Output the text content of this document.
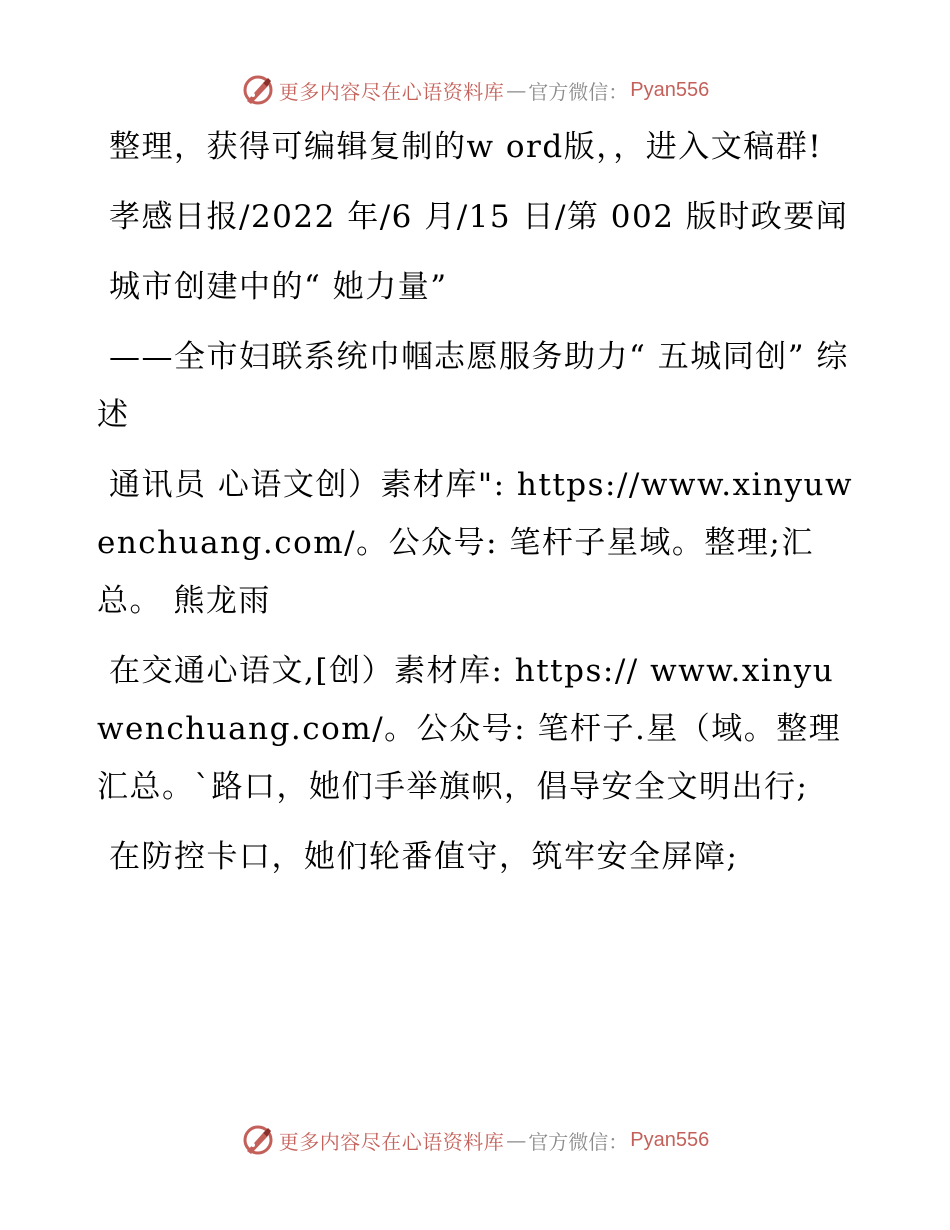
更多内容尽在心语资料库 — 官方微信： Pyan556

整理，获得可编辑复制的w ord版，，进入文稿群!

孝感日报/2022 年/6 月/15 日/第 002 版时政要闻

城市创建中的“ 她力量”

——全市妇联系统巾帼志愿服务助力“ 五城同创” 综述

通讯员 心语文创）素材库": https://www.xinyuwenchuang.com/。公众号: 笔杆子星域。整理;汇总。 熊龙雨

在交通心语文,[创）素材库: https:// www.xinyuwenchuang.com/。公众号: 笔杆子.星（域。整理汇总。`路口，她们手举旗帜，倡导安全文明出行;

在防控卡口，她们轮番值守，筑牢安全屏障;

更多内容尽在心语资料库 — 官方微信： Pyan556
